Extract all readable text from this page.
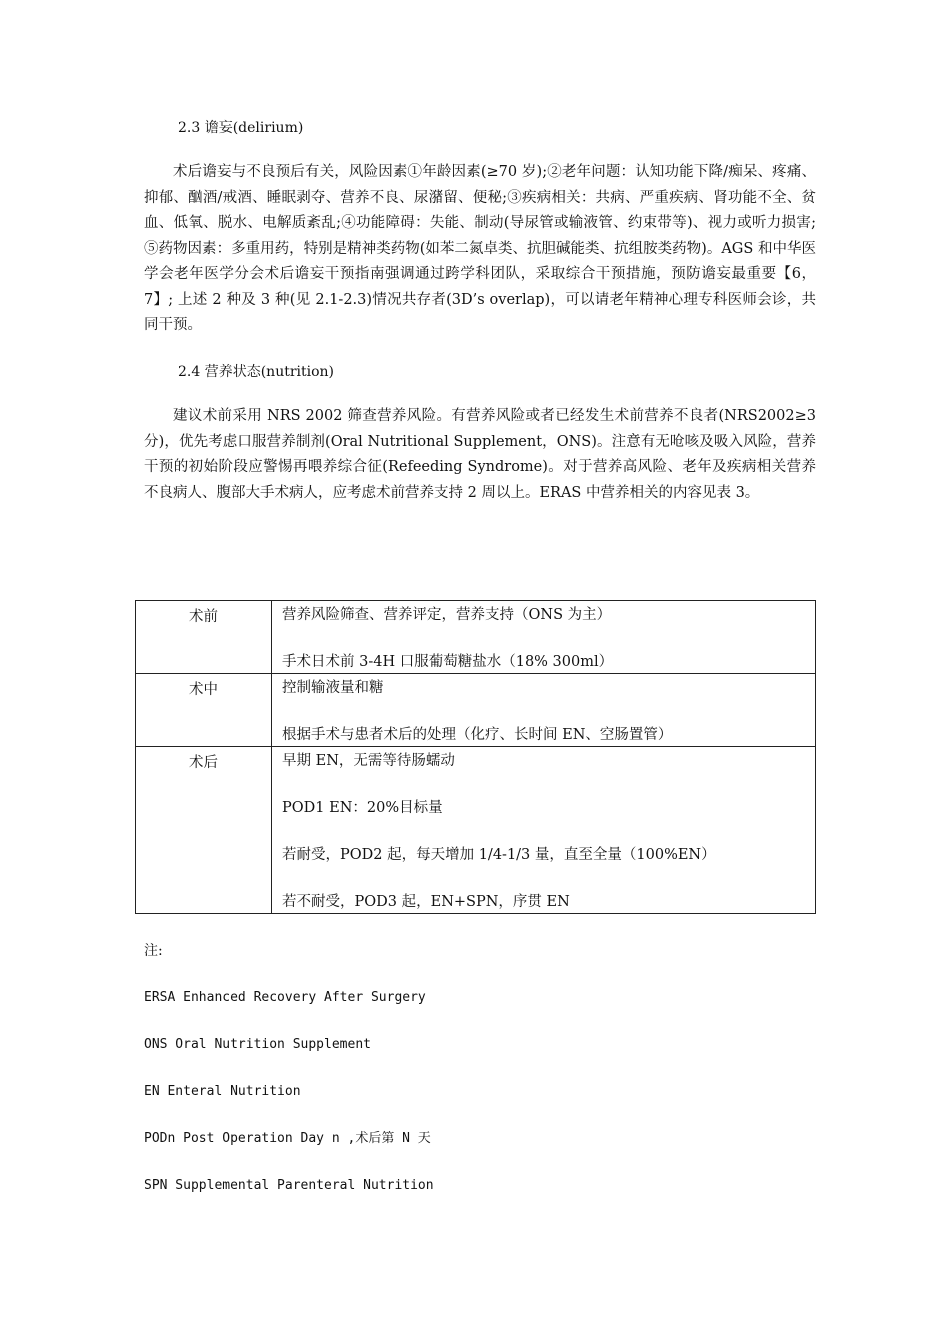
2.3 谵妄(delirium)
术后谵妄与不良预后有关，风险因素①年龄因素(≥70 岁);②老年问题：认知功能下降/痴呆、疼痛、抑郁、酗酒/戒酒、睡眠剥夺、营养不良、尿潴留、便秘;③疾病相关：共病、严重疾病、肾功能不全、贫血、低氧、脱水、电解质紊乱;④功能障碍：失能、制动(导尿管或输液管、约束带等)、视力或听力损害;⑤药物因素：多重用药，特别是精神类药物(如苯二氮卓类、抗胆碱能类、抗组胺类药物)。AGS 和中华医学会老年医学分会术后谵妄干预指南强调通过跨学科团队，采取综合干预措施，预防谵妄最重要【6，7】; 上述 2 种及 3 种(见 2.1-2.3)情况共存者(3D’s overlap)，可以请老年精神心理专科医师会诊，共同干预。
2.4 营养状态(nutrition)
建议术前采用 NRS 2002 筛查营养风险。有营养风险或者已经发生术前营养不良者(NRS2002≥3 分)，优先考虑口服营养制剂(Oral Nutritional Supplement，ONS)。注意有无呛咳及吸入风险，营养干预的初始阶段应警惕再喂养综合征(Refeeding Syndrome)。对于营养高风险、老年及疾病相关营养不良病人、腹部大手术病人，应考虑术前营养支持 2 周以上。ERAS 中营养相关的内容见表 3。
术前	营养风险筛查、营养评定，营养支持（ONS 为主）
手术日术前 3-4H 口服葡萄糖盐水（18% 300ml）

术中	控制输液量和糖
根据手术与患者术后的处理（化疗、长时间 EN、空肠置管）

术后	早期 EN，无需等待肠蠕动
POD1 EN：20%目标量
若耐受，POD2 起，每天增加 1/4-1/3 量，直至全量（100%EN）
若不耐受，POD3 起，EN+SPN，序贯 EN
注:
ERSA Enhanced Recovery After Surgery
ONS Oral Nutrition Supplement
EN Enteral Nutrition
PODn Post Operation Day n ,术后第 N 天
SPN Supplemental Parenteral Nutrition
